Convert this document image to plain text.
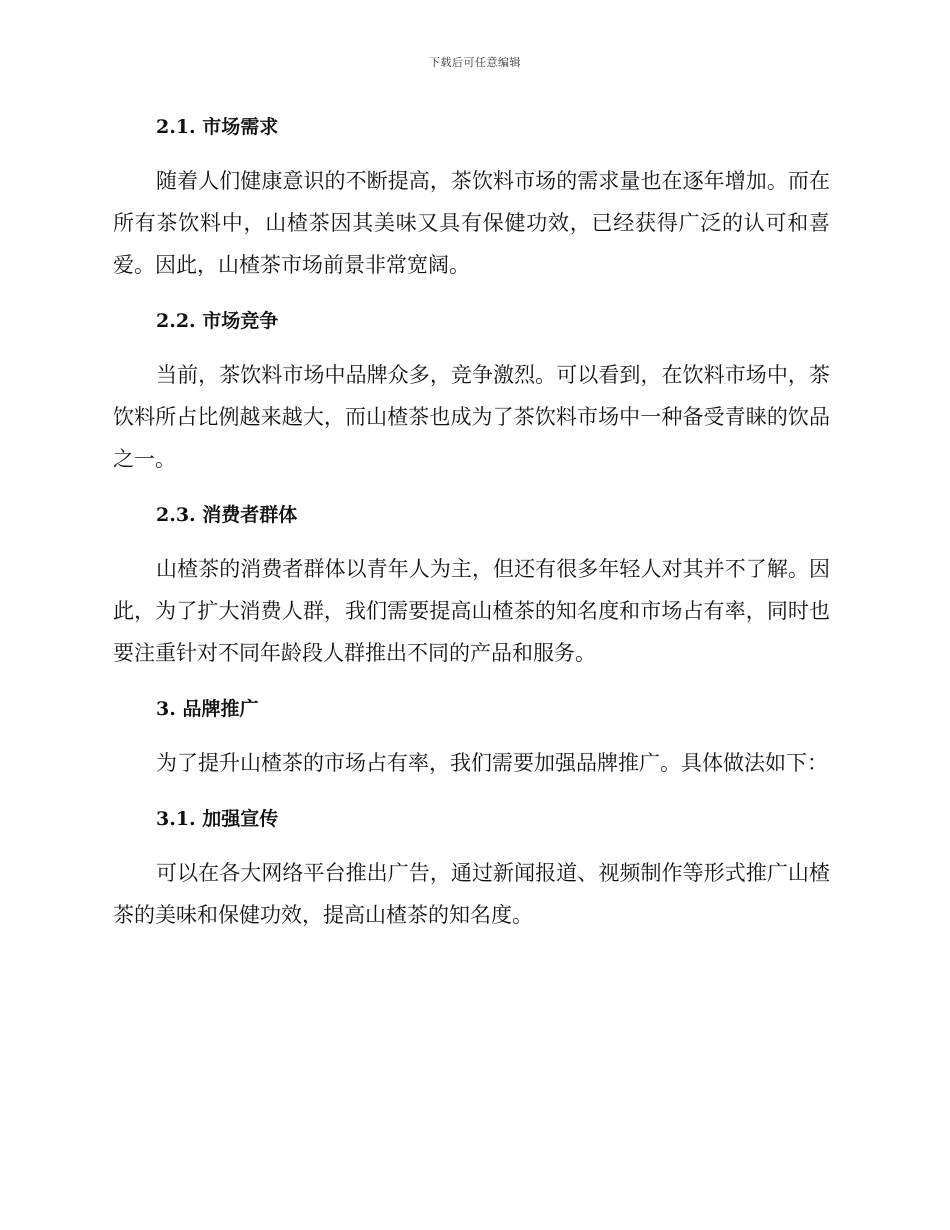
下载后可任意编辑
2.1. 市场需求

随着人们健康意识的不断提高，茶饮料市场的需求量也在逐年增加。而在所有茶饮料中，山楂茶因其美味又具有保健功效，已经获得广泛的认可和喜爱。因此，山楂茶市场前景非常宽阔。

2.2. 市场竞争

当前，茶饮料市场中品牌众多，竞争激烈。可以看到，在饮料市场中，茶饮料所占比例越来越大，而山楂茶也成为了茶饮料市场中一种备受青睐的饮品之一。

2.3. 消费者群体

山楂茶的消费者群体以青年人为主，但还有很多年轻人对其并不了解。因此，为了扩大消费人群，我们需要提高山楂茶的知名度和市场占有率，同时也要注重针对不同年龄段人群推出不同的产品和服务。

3. 品牌推广

为了提升山楂茶的市场占有率，我们需要加强品牌推广。具体做法如下：

3.1. 加强宣传

可以在各大网络平台推出广告，通过新闻报道、视频制作等形式推广山楂茶的美味和保健功效，提高山楂茶的知名度。
